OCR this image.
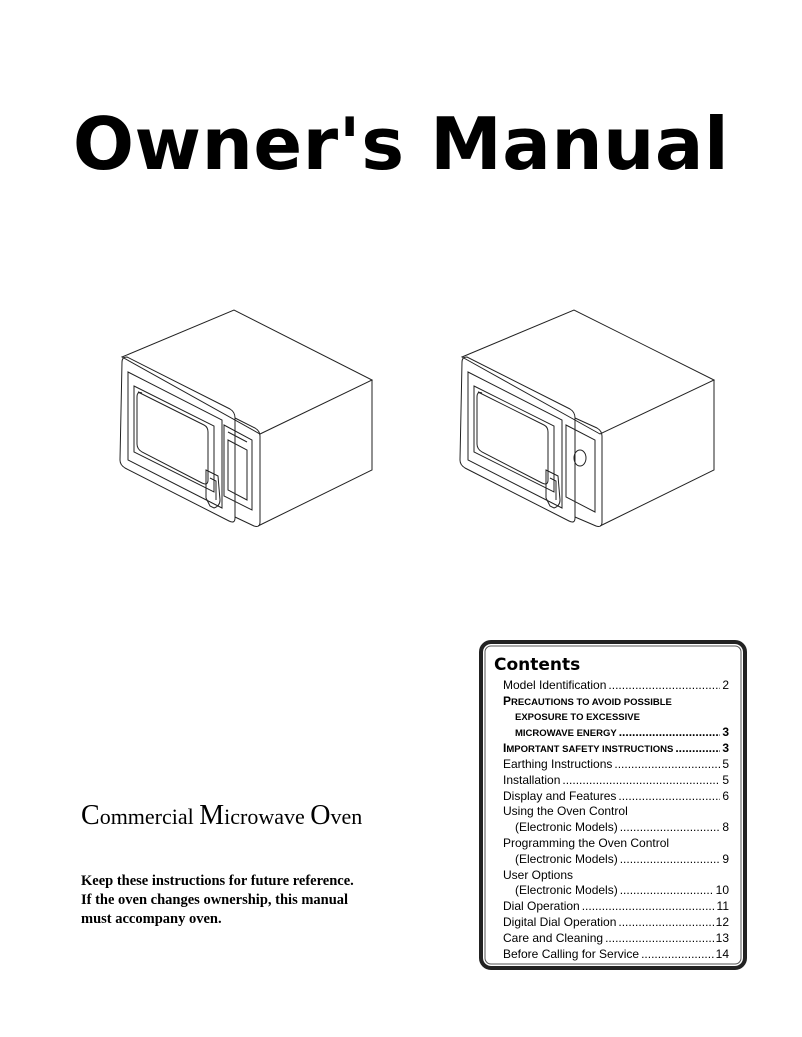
Owner's Manual
Commercial Microwave Oven
Keep these instructions for future reference.
If the oven changes ownership, this manual
must accompany oven.
Contents
Model Identification .....	2
PRECAUTIONS TO AVOID POSSIBLE
EXPOSURE TO EXCESSIVE
MICROWAVE ENERGY .....	3
IMPORTANT SAFETY INSTRUCTIONS .....	3
Earthing Instructions .....	5
Installation .....	5
Display and Features .....	6
Using the Oven Control
(Electronic Models) .....	8
Programming the Oven Control
(Electronic Models) .....	9
User Options
(Electronic Models) .....	10
Dial Operation .....	11
Digital Dial Operation .....	12
Care and Cleaning .....	13
Before Calling for Service .....	14
